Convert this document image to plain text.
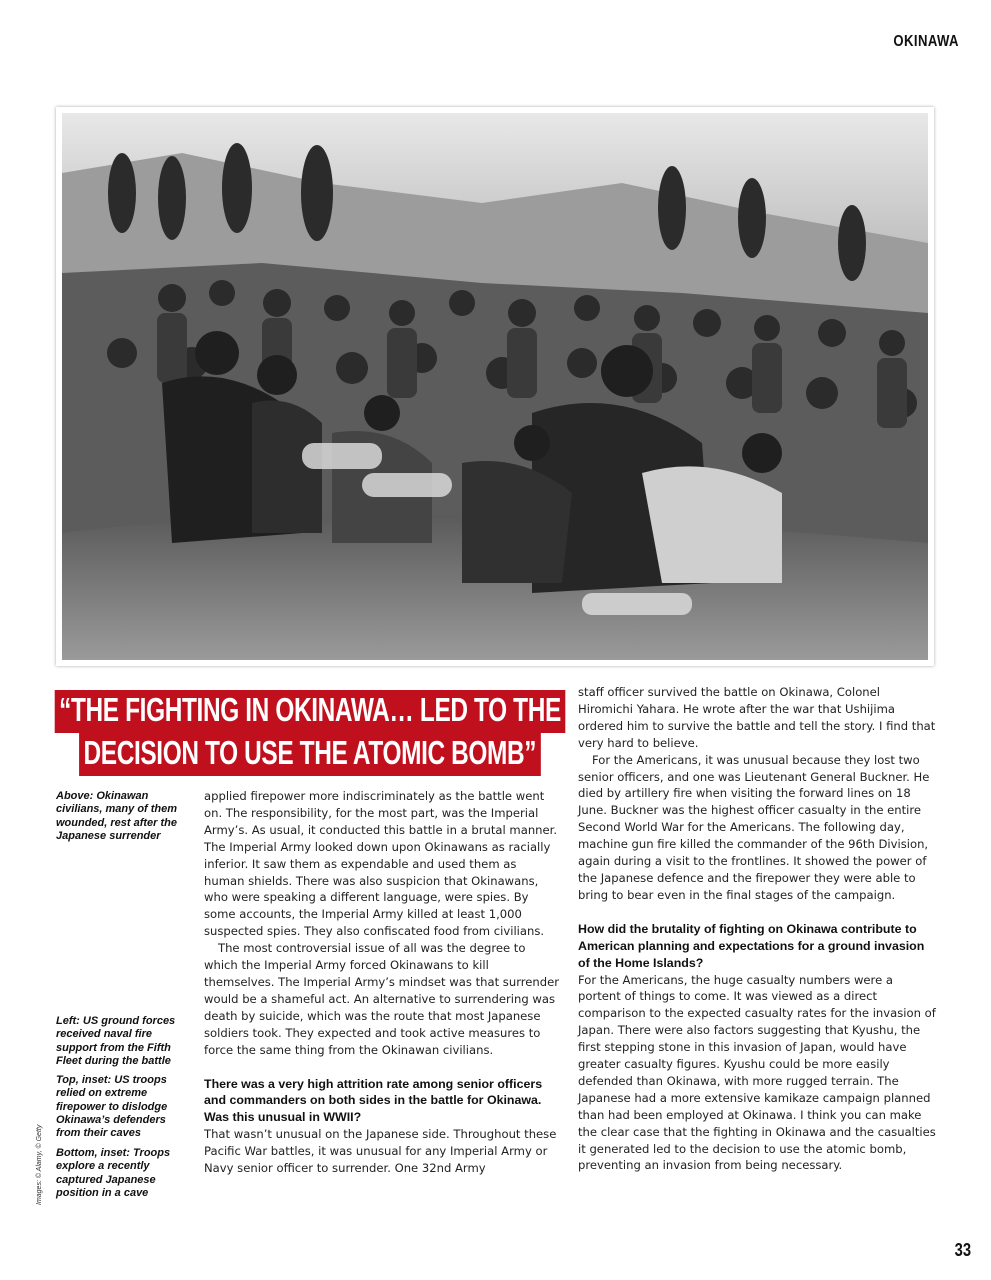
OKINAWA
“THE FIGHTING IN OKINAWA… LED TO THE
DECISION TO USE THE ATOMIC BOMB”
Above: Okinawan civilians, many of them wounded, rest after the Japanese surrender
Left: US ground forces received naval fire support from the Fifth Fleet during the battle
Top, inset: US troops relied on extreme firepower to dislodge Okinawa’s defenders from their caves
Bottom, inset: Troops explore a recently captured Japanese position in a cave
Images: © Alamy, © Getty

applied firepower more indiscriminately as the battle went on. The responsibility, for the most part, was the Imperial Army’s. As usual, it conducted this battle in a brutal manner. The Imperial Army looked down upon Okinawans as racially inferior. It saw them as expendable and used them as human shields. There was also suspicion that Okinawans, who were speaking a different language, were spies. By some accounts, the Imperial Army killed at least 1,000 suspected spies. They also confiscated food from civilians.

The most controversial issue of all was the degree to which the Imperial Army forced Okinawans to kill themselves. The Imperial Army’s mindset was that surrender would be a shameful act. An alternative to surrendering was death by suicide, which was the route that most Japanese soldiers took. They expected and took active measures to force the same thing from the Okinawan civilians.

There was a very high attrition rate among senior officers and commanders on both sides in the battle for Okinawa. Was this unusual in WWII?

That wasn’t unusual on the Japanese side. Throughout these Pacific War battles, it was unusual for any Imperial Army or Navy senior officer to surrender. One 32nd Army

staff officer survived the battle on Okinawa, Colonel Hiromichi Yahara. He wrote after the war that Ushijima ordered him to survive the battle and tell the story. I find that very hard to believe.

For the Americans, it was unusual because they lost two senior officers, and one was Lieutenant General Buckner. He died by artillery fire when visiting the forward lines on 18 June. Buckner was the highest officer casualty in the entire Second World War for the Americans. The following day, machine gun fire killed the commander of the 96th Division, again during a visit to the frontlines. It showed the power of the Japanese defence and the firepower they were able to bring to bear even in the final stages of the campaign.

How did the brutality of fighting on Okinawa contribute to American planning and expectations for a ground invasion of the Home Islands?

For the Americans, the huge casualty numbers were a portent of things to come. It was viewed as a direct comparison to the expected casualty rates for the invasion of Japan. There were also factors suggesting that Kyushu, the first stepping stone in this invasion of Japan, would have greater casualty figures. Kyushu could be more easily defended than Okinawa, with more rugged terrain. The Japanese had a more extensive kamikaze campaign planned than had been employed at Okinawa. I think you can make the clear case that the fighting in Okinawa and the casualties it generated led to the decision to use the atomic bomb, preventing an invasion from being necessary.

33
